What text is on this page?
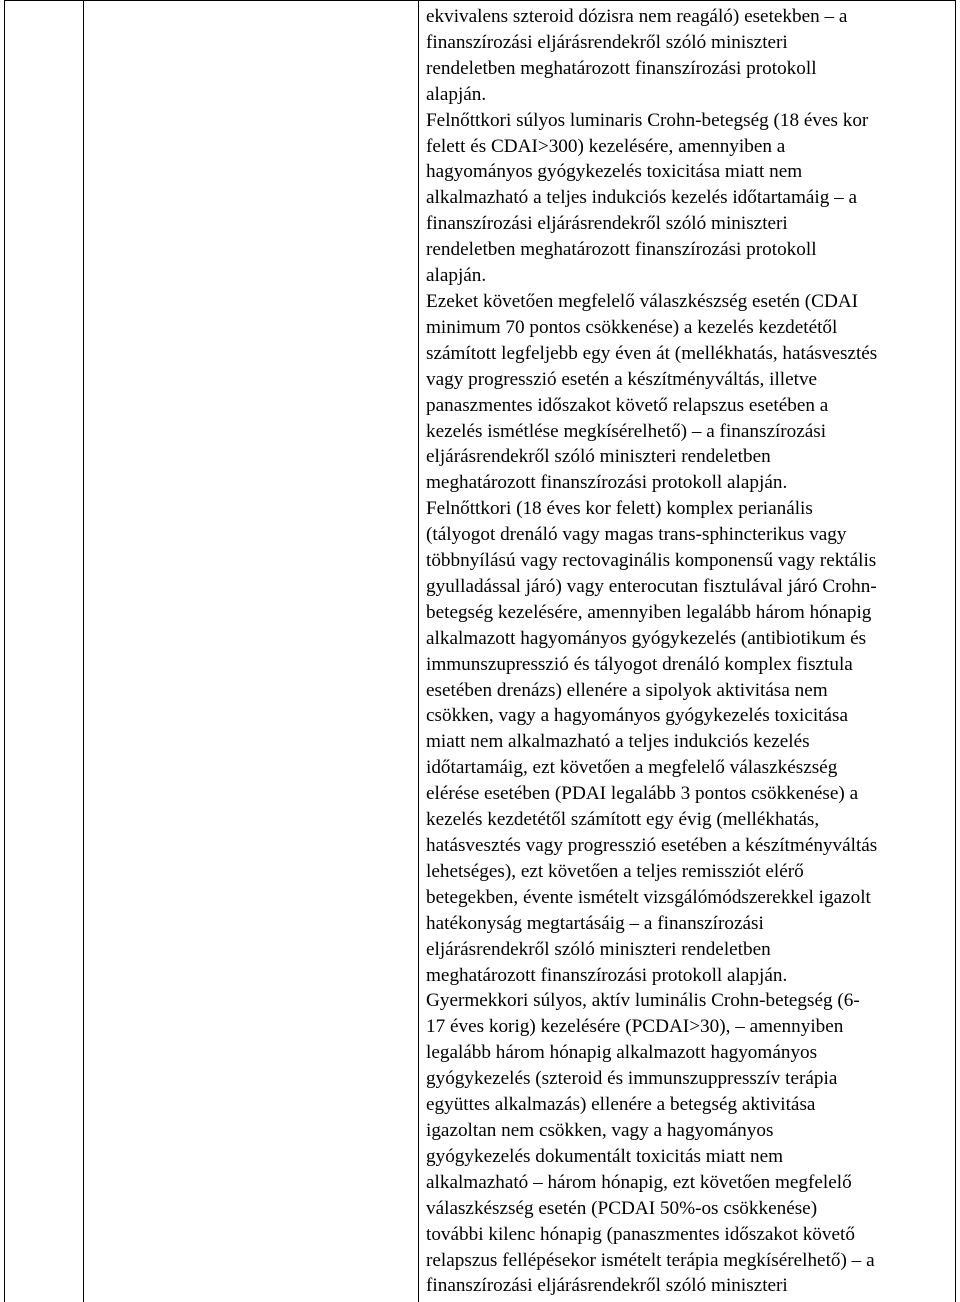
ekvivalens szteroid dózisra nem reagáló) esetekben – a
finanszírozási eljárásrendekről szóló miniszteri
rendeletben meghatározott finanszírozási protokoll
alapján.
Felnőttkori súlyos luminaris Crohn-betegség (18 éves kor
felett és CDAI>300) kezelésére, amennyiben a
hagyományos gyógykezelés toxicitása miatt nem
alkalmazható a teljes indukciós kezelés időtartamáig – a
finanszírozási eljárásrendekről szóló miniszteri
rendeletben meghatározott finanszírozási protokoll
alapján.
Ezeket követően megfelelő válaszkészség esetén (CDAI
minimum 70 pontos csökkenése) a kezelés kezdetétől
számított legfeljebb egy éven át (mellékhatás, hatásvesztés
vagy progresszió esetén a készítményváltás, illetve
panaszmentes időszakot követő relapszus esetében a
kezelés ismétlése megkísérelhető) – a finanszírozási
eljárásrendekről szóló miniszteri rendeletben
meghatározott finanszírozási protokoll alapján.
Felnőttkori (18 éves kor felett) komplex perianális
(tályogot drenáló vagy magas trans-sphincterikus vagy
többnyílású vagy rectovaginális komponensű vagy rektális
gyulladással járó) vagy enterocutan fisztulával járó Crohn-
betegség kezelésére, amennyiben legalább három hónapig
alkalmazott hagyományos gyógykezelés (antibiotikum és
immunszupresszió és tályogot drenáló komplex fisztula
esetében drenázs) ellenére a sipolyok aktivitása nem
csökken, vagy a hagyományos gyógykezelés toxicitása
miatt nem alkalmazható a teljes indukciós kezelés
időtartamáig, ezt követően a megfelelő válaszkészség
elérése esetében (PDAI legalább 3 pontos csökkenése) a
kezelés kezdetétől számított egy évig (mellékhatás,
hatásvesztés vagy progresszió esetében a készítményváltás
lehetséges), ezt követően a teljes remissziót elérő
betegekben, évente ismételt vizsgálómódszerekkel igazolt
hatékonyság megtartásáig – a finanszírozási
eljárásrendekről szóló miniszteri rendeletben
meghatározott finanszírozási protokoll alapján.
Gyermekkori súlyos, aktív luminális Crohn-betegség (6-
17 éves korig) kezelésére (PCDAI>30), – amennyiben
legalább három hónapig alkalmazott hagyományos
gyógykezelés (szteroid és immunszuppresszív terápia
együttes alkalmazás) ellenére a betegség aktivitása
igazoltan nem csökken, vagy a hagyományos
gyógykezelés dokumentált toxicitás miatt nem
alkalmazható – három hónapig, ezt követően megfelelő
válaszkészség esetén (PCDAI 50%-os csökkenése)
további kilenc hónapig (panaszmentes időszakot követő
relapszus fellépésekor ismételt terápia megkísérelhető) – a
finanszírozási eljárásrendekről szóló miniszteri
